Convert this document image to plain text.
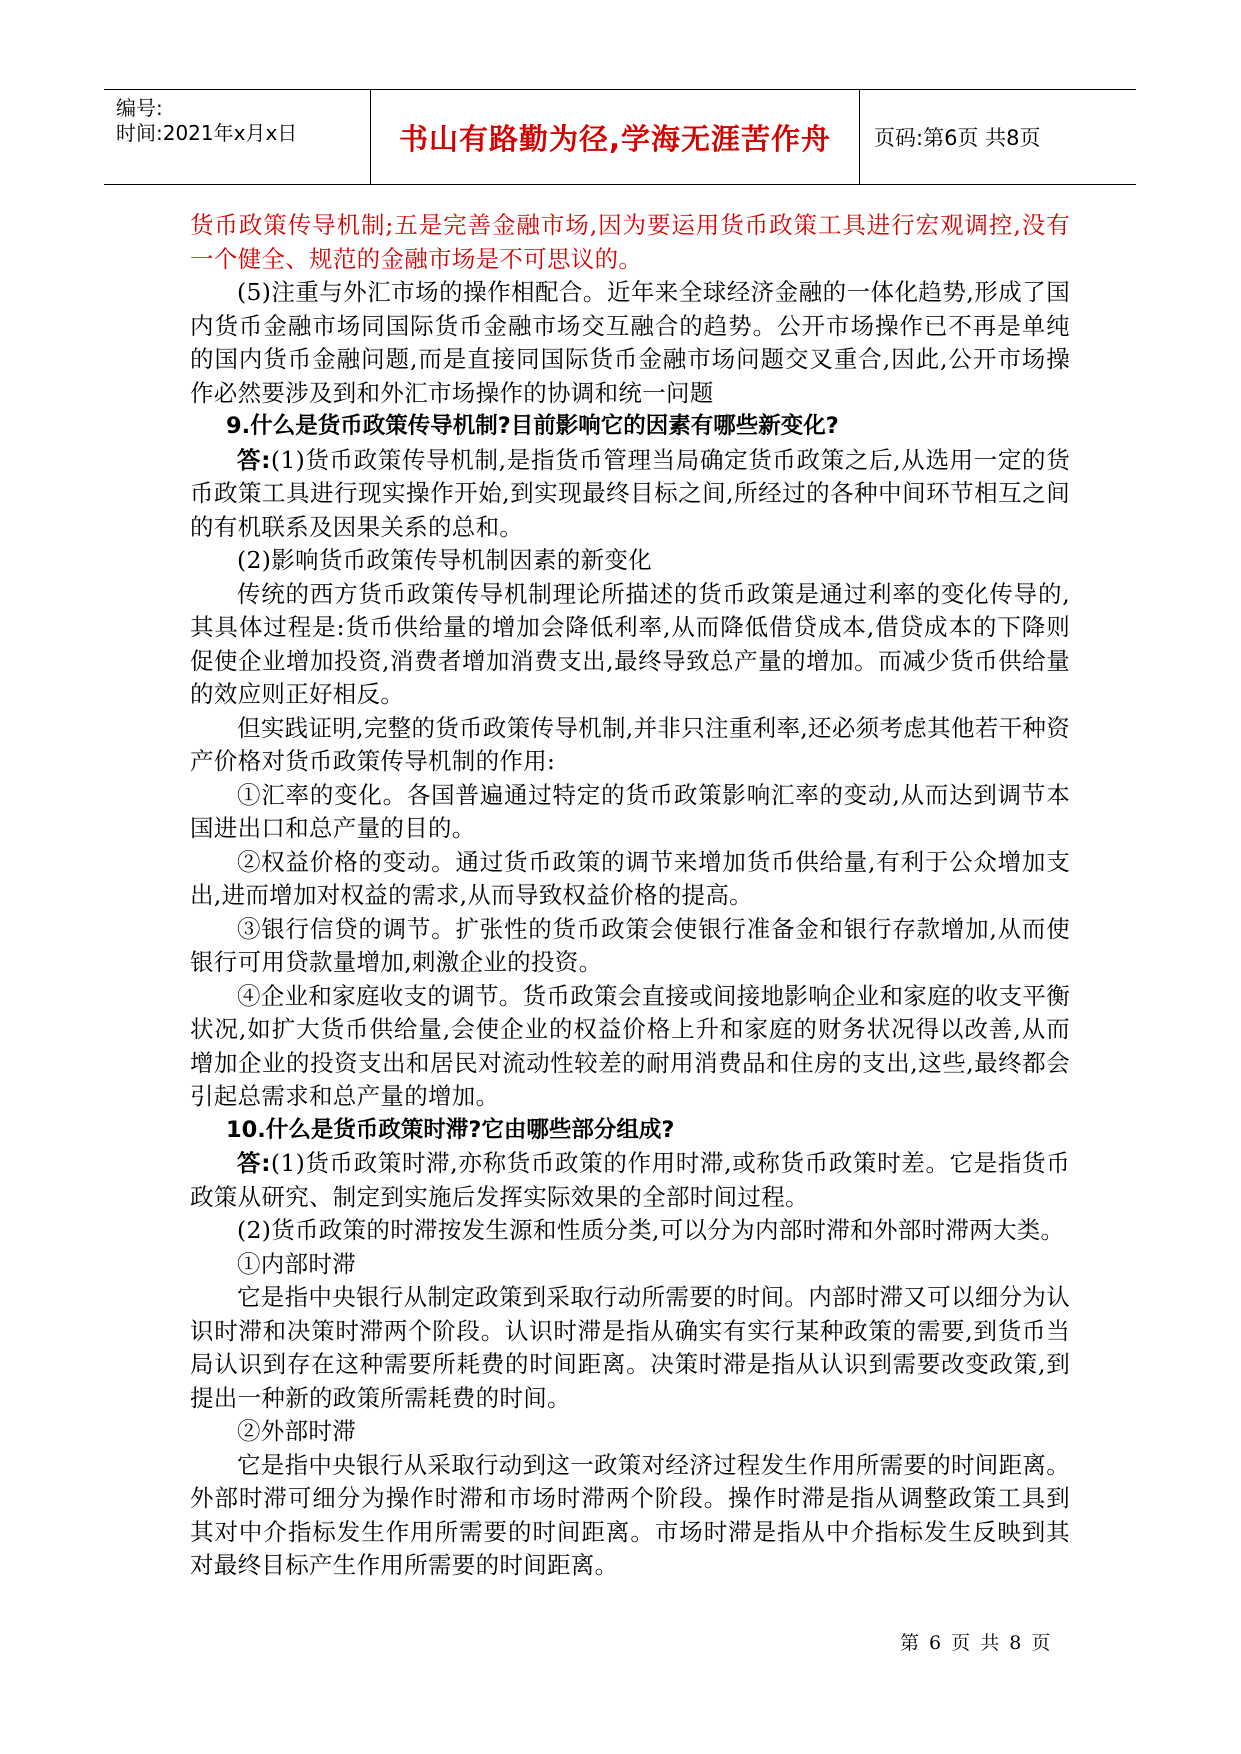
编号:
时间:2021年x月x日	书山有路勤为径,学海无涯苦作舟 页码:第6页 共8页

货币政策传导机制;五是完善金融市场,因为要运用货币政策工具进行宏观调控,没有一个健全、规范的金融市场是不可思议的。

(5)注重与外汇市场的操作相配合。近年来全球经济金融的一体化趋势,形成了国内货币金融市场同国际货币金融市场交互融合的趋势。公开市场操作已不再是单纯的国内货币金融问题,而是直接同国际货币金融市场问题交叉重合,因此,公开市场操作必然要涉及到和外汇市场操作的协调和统一问题

9.什么是货币政策传导机制?目前影响它的因素有哪些新变化?

答:(1)货币政策传导机制,是指货币管理当局确定货币政策之后,从选用一定的货币政策工具进行现实操作开始,到实现最终目标之间,所经过的各种中间环节相互之间的有机联系及因果关系的总和。

(2)影响货币政策传导机制因素的新变化

传统的西方货币政策传导机制理论所描述的货币政策是通过利率的变化传导的,其具体过程是:货币供给量的增加会降低利率,从而降低借贷成本,借贷成本的下降则促使企业增加投资,消费者增加消费支出,最终导致总产量的增加。而减少货币供给量的效应则正好相反。

但实践证明,完整的货币政策传导机制,并非只注重利率,还必须考虑其他若干种资产价格对货币政策传导机制的作用:

①汇率的变化。各国普遍通过特定的货币政策影响汇率的变动,从而达到调节本国进出口和总产量的目的。

②权益价格的变动。通过货币政策的调节来增加货币供给量,有利于公众增加支出,进而增加对权益的需求,从而导致权益价格的提高。

③银行信贷的调节。扩张性的货币政策会使银行准备金和银行存款增加,从而使银行可用贷款量增加,刺激企业的投资。

④企业和家庭收支的调节。货币政策会直接或间接地影响企业和家庭的收支平衡状况,如扩大货币供给量,会使企业的权益价格上升和家庭的财务状况得以改善,从而增加企业的投资支出和居民对流动性较差的耐用消费品和住房的支出,这些,最终都会引起总需求和总产量的增加。

10.什么是货币政策时滞?它由哪些部分组成?

答:(1)货币政策时滞,亦称货币政策的作用时滞,或称货币政策时差。它是指货币政策从研究、制定到实施后发挥实际效果的全部时间过程。

(2)货币政策的时滞按发生源和性质分类,可以分为内部时滞和外部时滞两大类。

①内部时滞

它是指中央银行从制定政策到采取行动所需要的时间。内部时滞又可以细分为认识时滞和决策时滞两个阶段。认识时滞是指从确实有实行某种政策的需要,到货币当局认识到存在这种需要所耗费的时间距离。决策时滞是指从认识到需要改变政策,到提出一种新的政策所需耗费的时间。

②外部时滞

它是指中央银行从采取行动到这一政策对经济过程发生作用所需要的时间距离。外部时滞可细分为操作时滞和市场时滞两个阶段。操作时滞是指从调整政策工具到其对中介指标发生作用所需要的时间距离。市场时滞是指从中介指标发生反映到其对最终目标产生作用所需要的时间距离。

第 6 页 共 8 页
